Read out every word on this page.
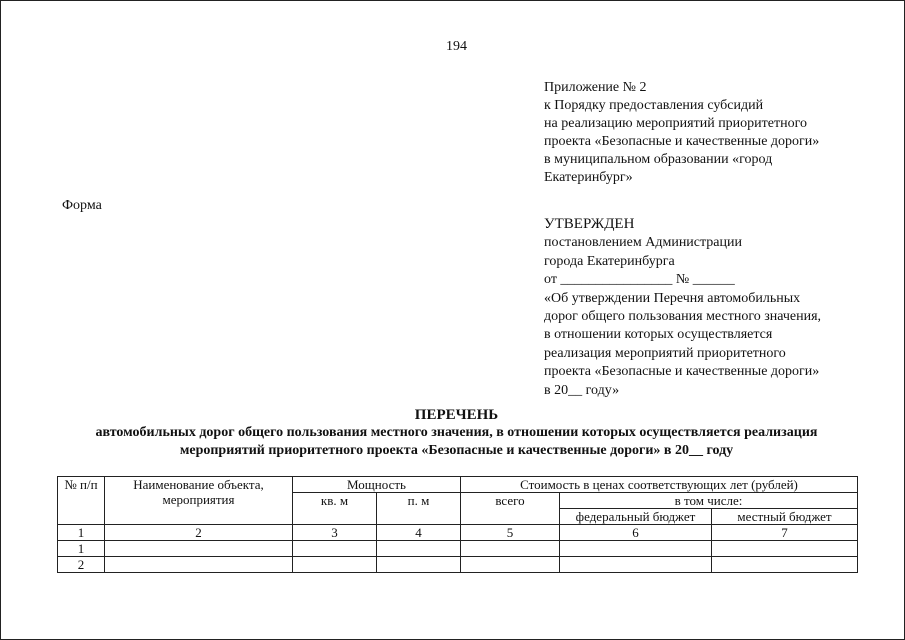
194
Приложение № 2
к Порядку предоставления субсидий
на реализацию мероприятий приоритетного
проекта «Безопасные и качественные дороги»
в муниципальном образовании «город
Екатеринбург»
Форма
УТВЕРЖДЕН
постановлением Администрации
города Екатеринбурга
от ________________ № ______
«Об утверждении Перечня автомобильных
дорог общего пользования местного значения,
в отношении которых осуществляется
реализация мероприятий приоритетного
проекта «Безопасные и качественные дороги»
в 20__ году»
ПЕРЕЧЕНЬ
автомобильных дорог общего пользования местного значения, в отношении которых осуществляется реализация
мероприятий приоритетного проекта «Безопасные и качественные дороги» в 20__ году
№ п/п	Наименование объекта, мероприятия	Мощность		Стоимость в ценах соответствующих лет (рублей)		
		кв. м	п. м	всего	в том числе:	
					федеральный бюджет	местный бюджет
1	2	3	4	5	6	7
1						
2						
